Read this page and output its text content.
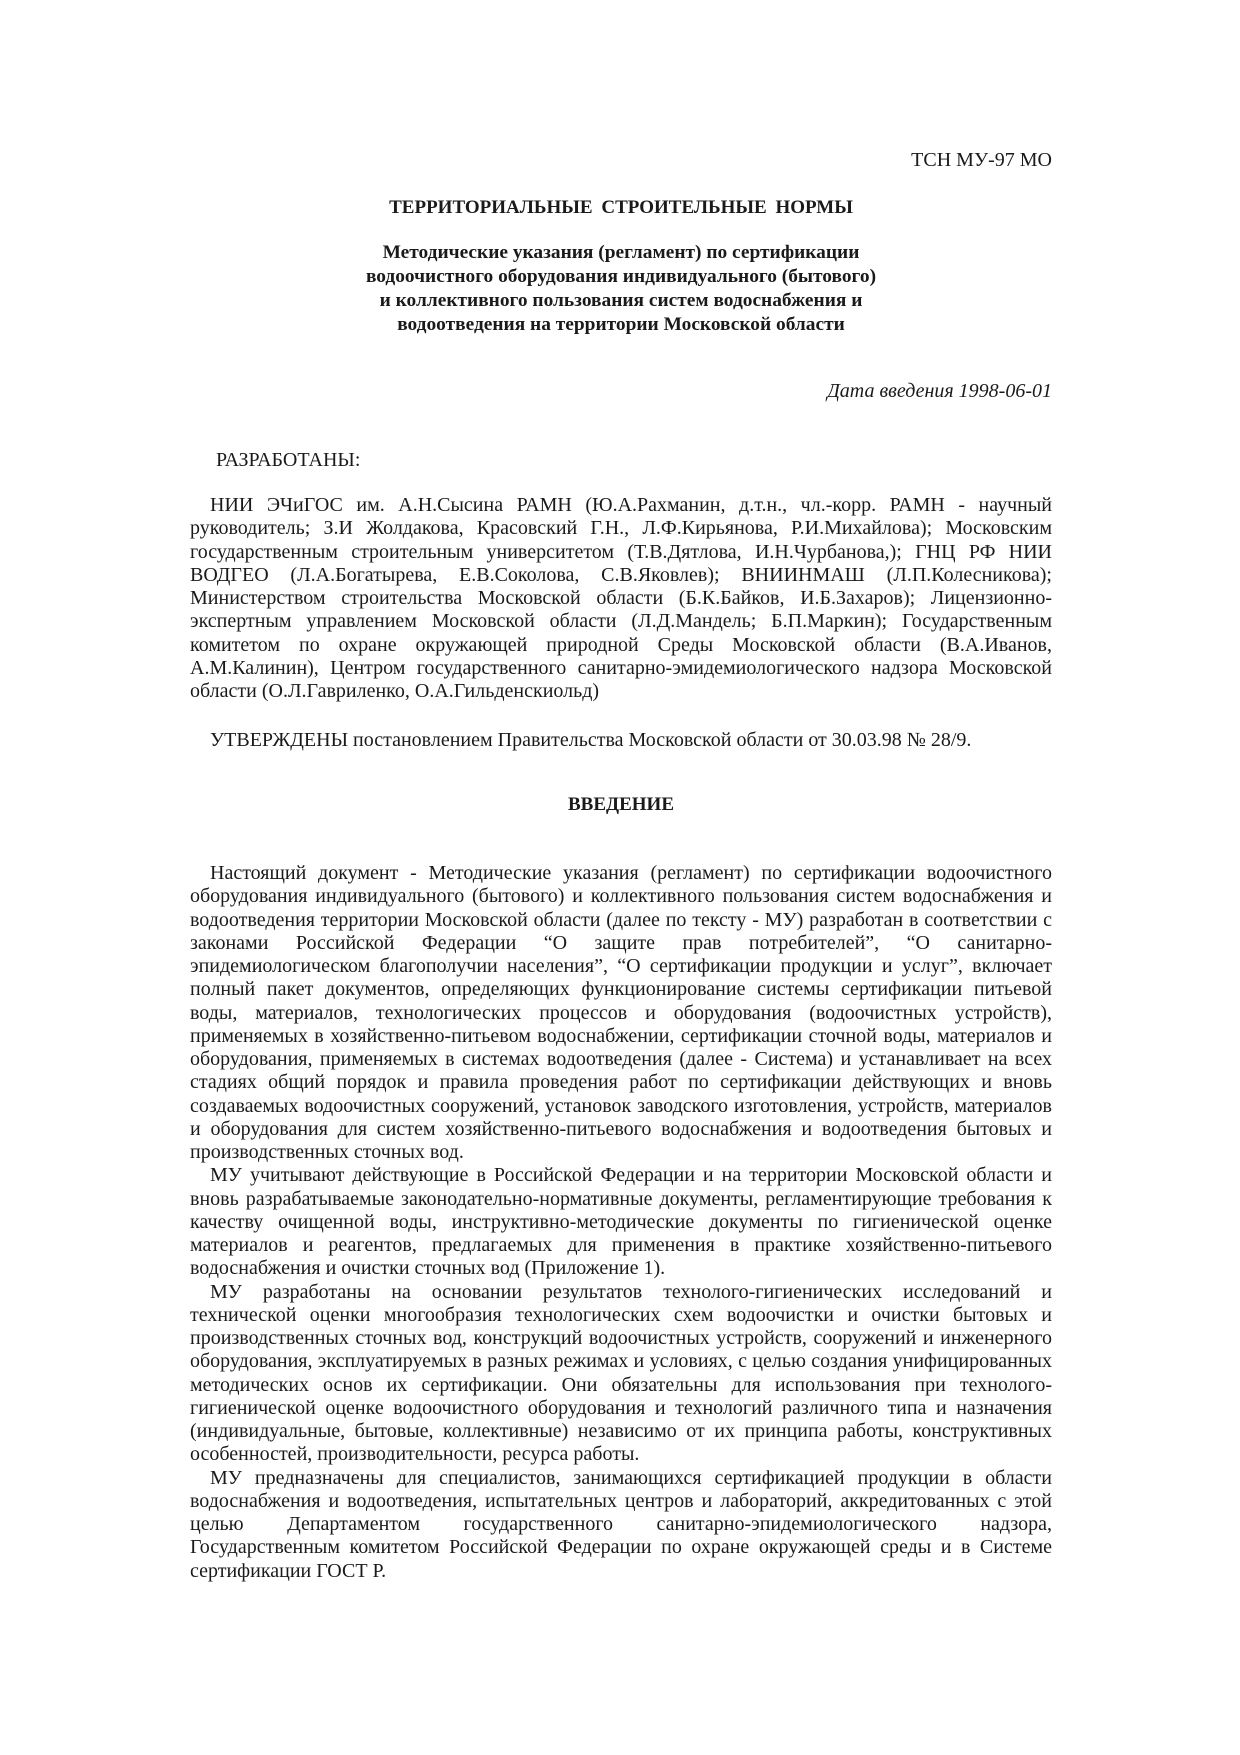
ТСН МУ-97 МО
ТЕРРИТОРИАЛЬНЫЕ СТРОИТЕЛЬНЫЕ НОРМЫ
Методические указания (регламент) по сертификации
водоочистного оборудования индивидуального (бытового)
и коллективного пользования систем водоснабжения и
водоотведения на территории Московской области
Дата введения 1998-06-01
РАЗРАБОТАНЫ:

НИИ ЭЧиГОС им. А.Н.Сысина РАМН (Ю.А.Рахманин, д.т.н., чл.-корр. РАМН - научный руководитель; З.И Жолдакова, Красовский Г.Н., Л.Ф.Кирьянова, Р.И.Михайлова); Московским государственным строительным университетом (Т.В.Дятлова, И.Н.Чурбанова,); ГНЦ РФ НИИ ВОДГЕО (Л.А.Богатырева, Е.В.Соколова, С.В.Яковлев); ВНИИНМАШ (Л.П.Колесникова); Министерством строительства Московской области (Б.К.Байков, И.Б.Захаров); Лицензионно-экспертным управлением Московской области (Л.Д.Мандель; Б.П.Маркин); Государственным комитетом по охране окружающей природной Среды Московской области (В.А.Иванов, А.М.Калинин), Центром государственного санитарно-эмидемиологического надзора Московской области (О.Л.Гавриленко, О.А.Гильденскиольд)

УТВЕРЖДЕНЫ постановлением Правительства Московской области от 30.03.98 № 28/9.

ВВЕДЕНИЕ

Настоящий документ - Методические указания (регламент) по сертификации водоочистного оборудования индивидуального (бытового) и коллективного пользования систем водоснабжения и водоотведения территории Московской области (далее по тексту - МУ) разработан в соответствии с законами Российской Федерации “О защите прав потребителей”, “О санитарно-эпидемиологическом благополучии населения”, “О сертификации продукции и услуг”, включает полный пакет документов, определяющих функционирование системы сертификации питьевой воды, материалов, технологических процессов и оборудования (водоочистных устройств), применяемых в хозяйственно-питьевом водоснабжении, сертификации сточной воды, материалов и оборудования, применяемых в системах водоотведения (далее - Система) и устанавливает на всех стадиях общий порядок и правила проведения работ по сертификации действующих и вновь создаваемых водоочистных сооружений, установок заводского изготовления, устройств, материалов и оборудования для систем хозяйственно-питьевого водоснабжения и водоотведения бытовых и производственных сточных вод.

МУ учитывают действующие в Российской Федерации и на территории Московской области и вновь разрабатываемые законодательно-нормативные документы, регламентирующие требования к качеству очищенной воды, инструктивно-методические документы по гигиенической оценке материалов и реагентов, предлагаемых для применения в практике хозяйственно-питьевого водоснабжения и очистки сточных вод (Приложение 1).

МУ разработаны на основании результатов технолого-гигиенических исследований и технической оценки многообразия технологических схем водоочистки и очистки бытовых и производственных сточных вод, конструкций водоочистных устройств, сооружений и инженерного оборудования, эксплуатируемых в разных режимах и условиях, с целью создания унифицированных методических основ их сертификации. Они обязательны для использования при технолого-гигиенической оценке водоочистного оборудования и технологий различного типа и назначения (индивидуальные, бытовые, коллективные) независимо от их принципа работы, конструктивных особенностей, производительности, ресурса работы.

МУ предназначены для специалистов, занимающихся сертификацией продукции в области водоснабжения и водоотведения, испытательных центров и лабораторий, аккредитованных с этой целью Департаментом государственного санитарно-эпидемиологического надзора, Государственным комитетом Российской Федерации по охране окружающей среды и в Системе сертификации ГОСТ Р.
